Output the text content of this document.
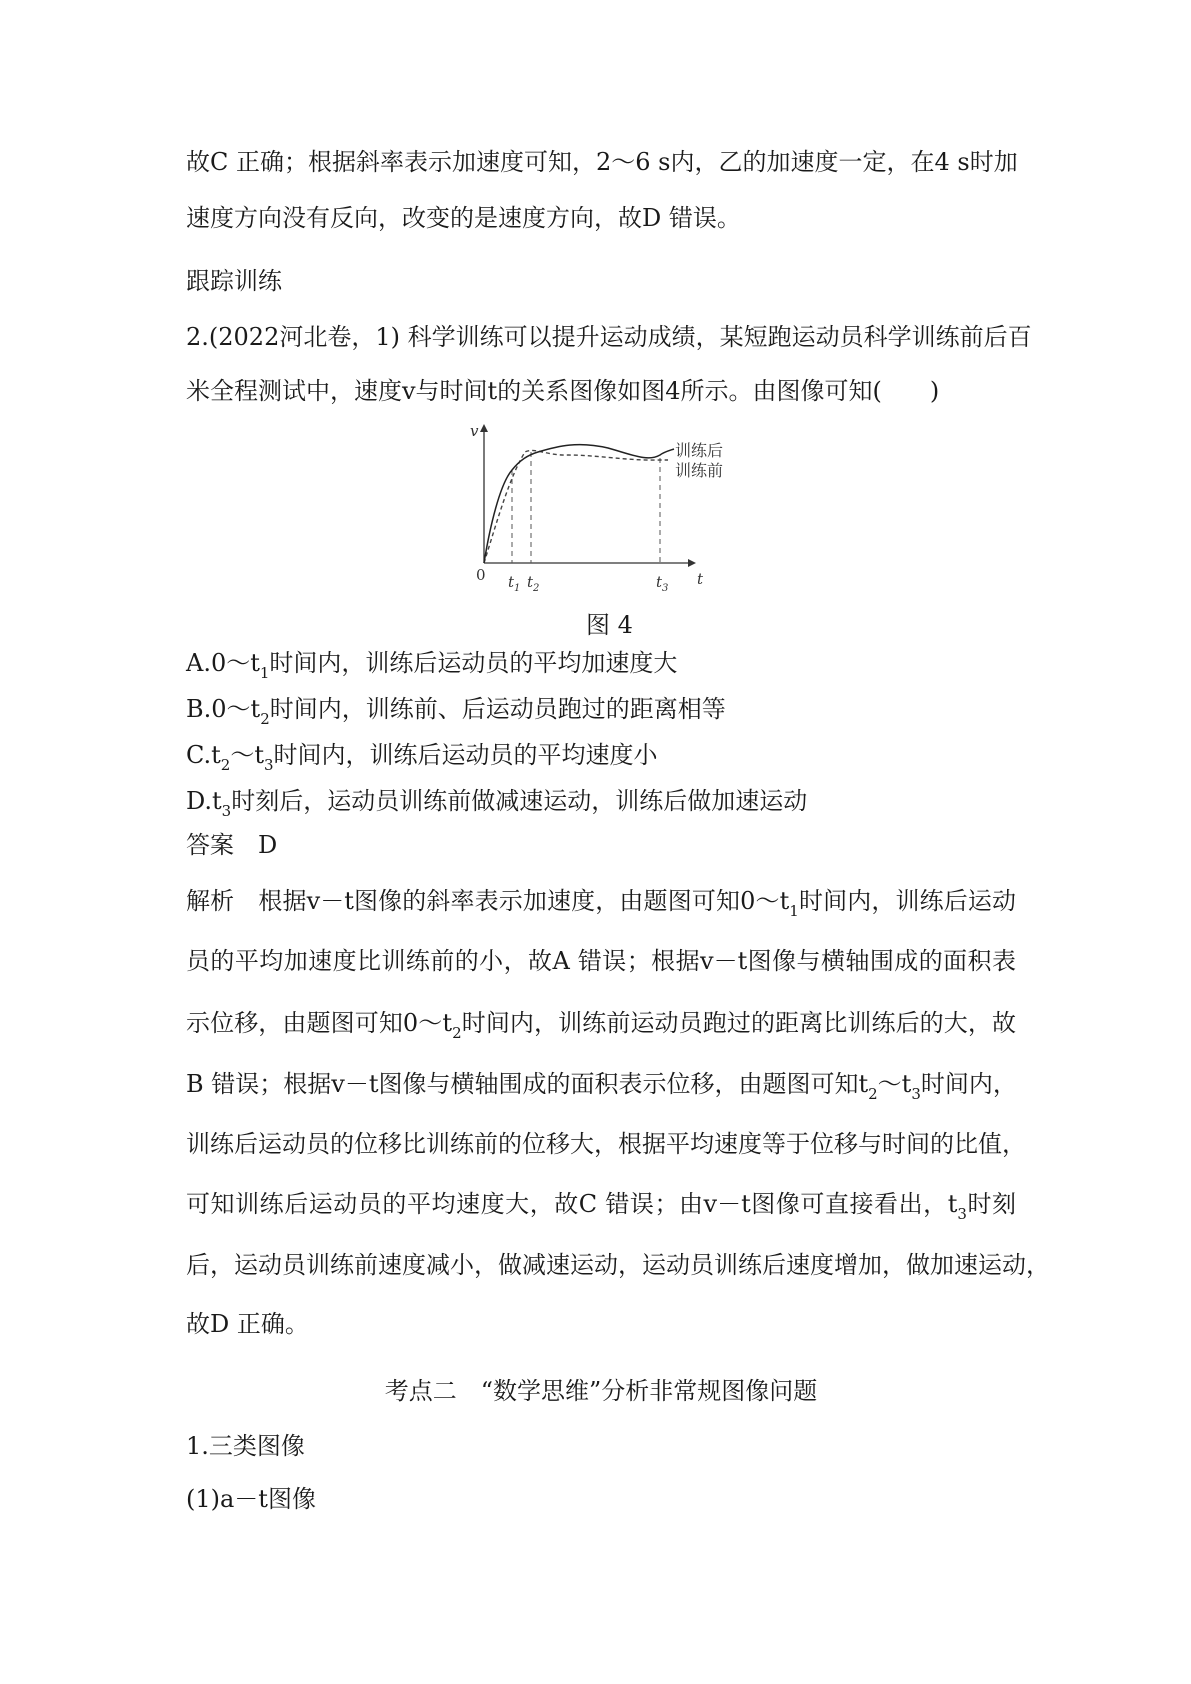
故C 正确；根据斜率表示加速度可知，2～6 s内，乙的加速度一定，在4 s时加
速度方向没有反向，改变的是速度方向，故D 错误。
跟踪训练
2.(2022河北卷，1) 科学训练可以提升运动成绩，某短跑运动员科学训练前后百
米全程测试中，速度v与时间t的关系图像如图4所示。由图像可知(　　)
v
t
0
训练后
训练前
$t_1$ $t_2$	$t_3$
图 4
$A.0\sim t_1$时间内，训练后运动员的平均加速度大
$B.0\sim t_2$时间内，训练前、后运动员跑过的距离相等
$C.t_2\sim t_3$时间内，训练后运动员的平均速度小
$D.t_3$时刻后，运动员训练前做减速运动，训练后做加速运动
答案　D
解析　根据v－t图像的斜率表示加速度，由题图可知$0\sim t_1$时间内，训练后运动
员的平均加速度比训练前的小，故A 错误；根据v－t图像与横轴围成的面积表
示位移，由题图可知$0\sim t_2$时间内，训练前运动员跑过的距离比训练后的大，故
B 错误；根据v－t图像与横轴围成的面积表示位移，由题图可知$t_2\sim t_3$时间内，
训练后运动员的位移比训练前的位移大，根据平均速度等于位移与时间的比值，
可知训练后运动员的平均速度大，故C 错误；由v－t图像可直接看出，$t_3$时刻
后，运动员训练前速度减小，做减速运动，运动员训练后速度增加，做加速运动，
故D 正确。
考点二　“数学思维”分析非常规图像问题
1.三类图像
(1)a－t图像
